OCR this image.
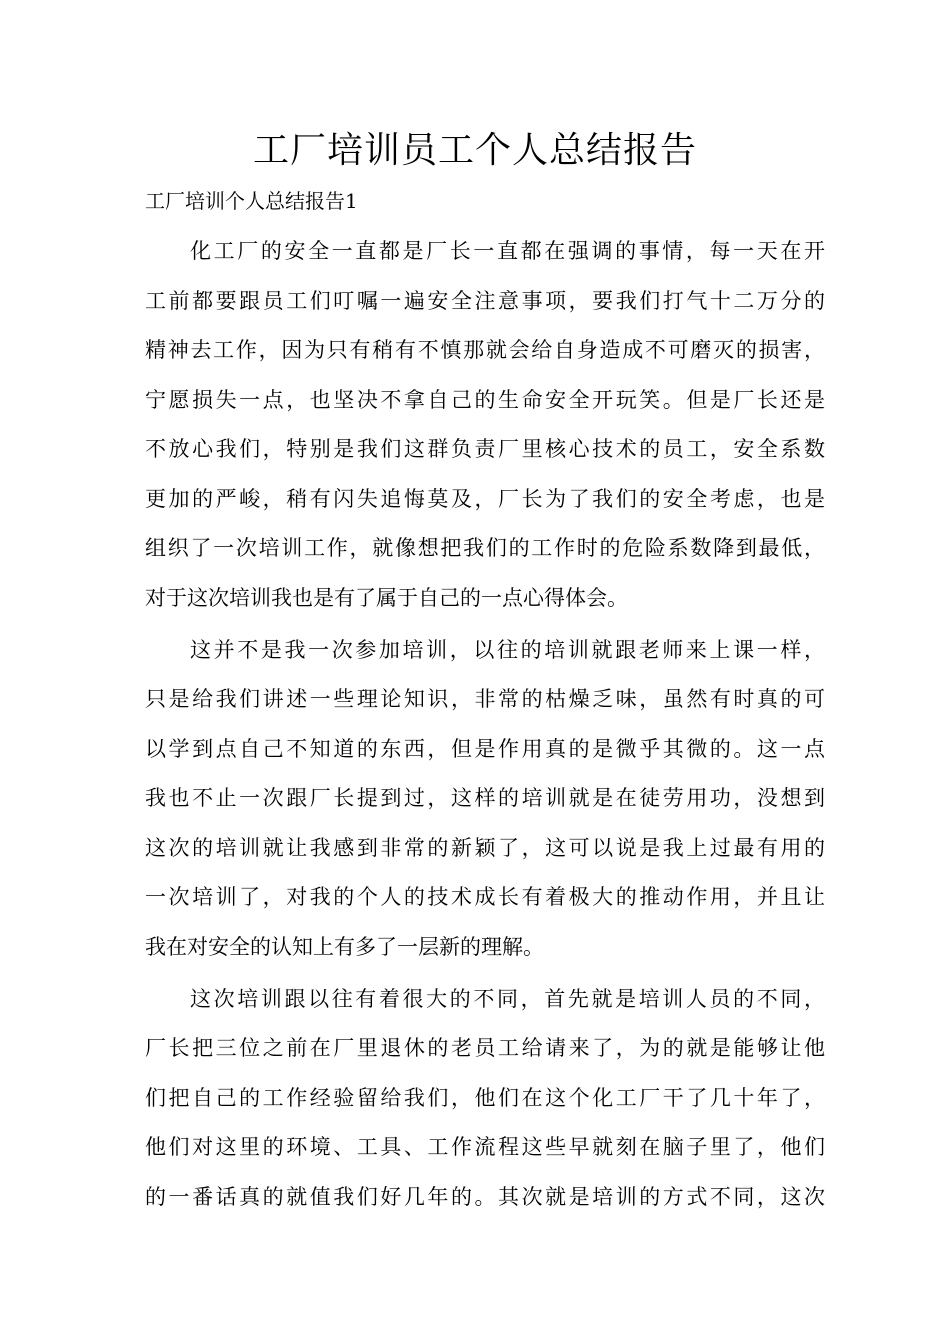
工厂培训员工个人总结报告
工厂培训个人总结报告1
化工厂的安全一直都是厂长一直都在强调的事情，每一天在开
工前都要跟员工们叮嘱一遍安全注意事项，要我们打气十二万分的
精神去工作，因为只有稍有不慎那就会给自身造成不可磨灭的损害，
宁愿损失一点，也坚决不拿自己的生命安全开玩笑。但是厂长还是
不放心我们，特别是我们这群负责厂里核心技术的员工，安全系数
更加的严峻，稍有闪失追悔莫及，厂长为了我们的安全考虑，也是
组织了一次培训工作，就像想把我们的工作时的危险系数降到最低，
对于这次培训我也是有了属于自己的一点心得体会。
这并不是我一次参加培训，以往的培训就跟老师来上课一样，
只是给我们讲述一些理论知识，非常的枯燥乏味，虽然有时真的可
以学到点自己不知道的东西，但是作用真的是微乎其微的。这一点
我也不止一次跟厂长提到过，这样的培训就是在徒劳用功，没想到
这次的培训就让我感到非常的新颖了，这可以说是我上过最有用的
一次培训了，对我的个人的技术成长有着极大的推动作用，并且让
我在对安全的认知上有多了一层新的理解。
这次培训跟以往有着很大的不同，首先就是培训人员的不同，
厂长把三位之前在厂里退休的老员工给请来了，为的就是能够让他
们把自己的工作经验留给我们，他们在这个化工厂干了几十年了，
他们对这里的环境、工具、工作流程这些早就刻在脑子里了，他们
的一番话真的就值我们好几年的。其次就是培训的方式不同，这次
